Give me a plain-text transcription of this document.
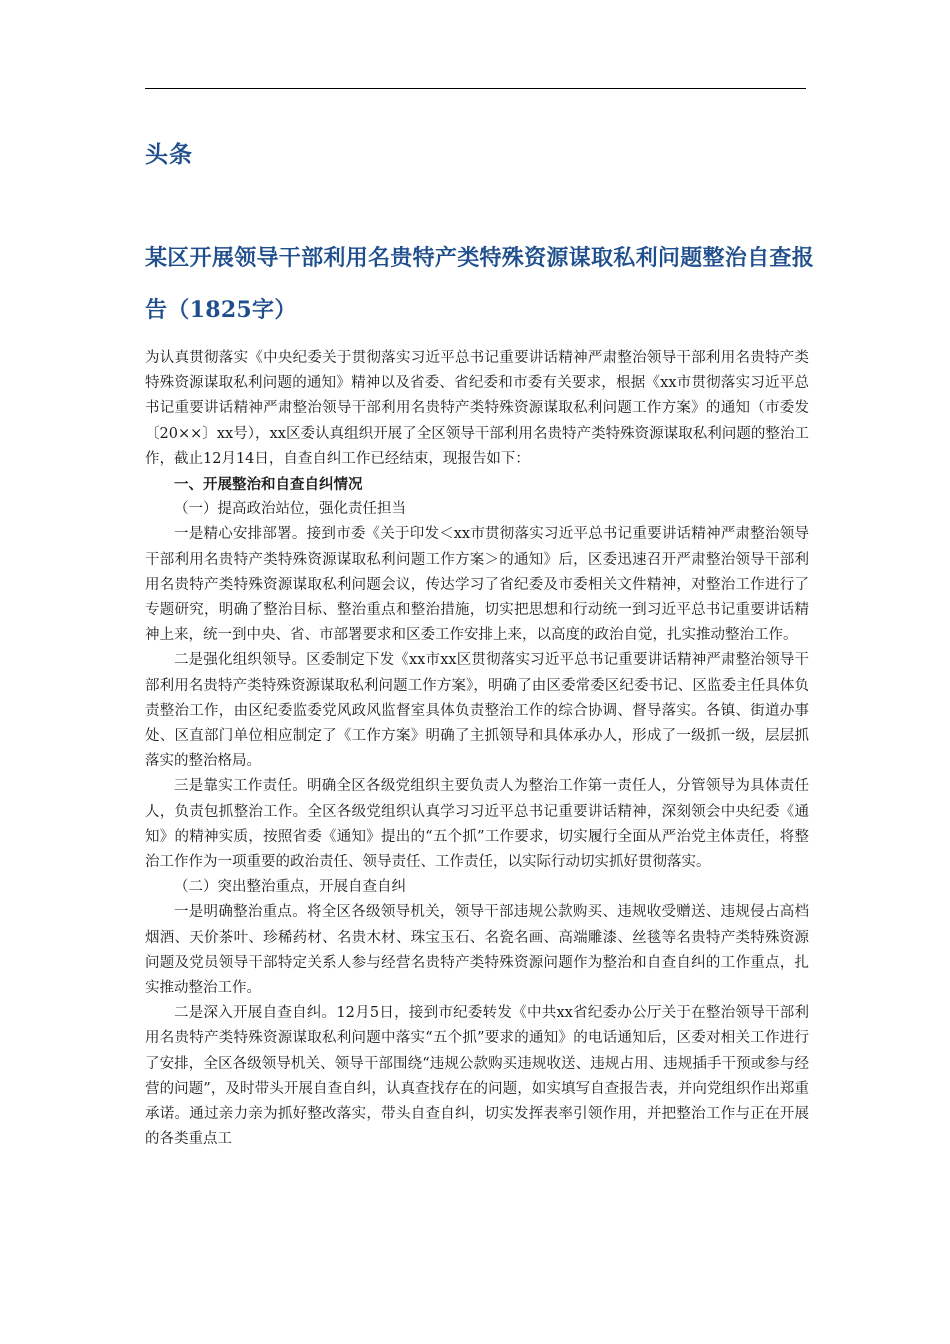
头条
某区开展领导干部利用名贵特产类特殊资源谋取私利问题整治自查报告（1825字）

为认真贯彻落实《中央纪委关于贯彻落实习近平总书记重要讲话精神严肃整治领导干部利用名贵特产类特殊资源谋取私利问题的通知》精神以及省委、省纪委和市委有关要求，根据《xx市贯彻落实习近平总书记重要讲话精神严肃整治领导干部利用名贵特产类特殊资源谋取私利问题工作方案》的通知（市委发〔20××〕xx号），xx区委认真组织开展了全区领导干部利用名贵特产类特殊资源谋取私利问题的整治工作，截止12月14日，自查自纠工作已经结束，现报告如下：

一、开展整治和自查自纠情况

（一）提高政治站位，强化责任担当

一是精心安排部署。接到市委《关于印发＜xx市贯彻落实习近平总书记重要讲话精神严肃整治领导干部利用名贵特产类特殊资源谋取私利问题工作方案＞的通知》后，区委迅速召开严肃整治领导干部利用名贵特产类特殊资源谋取私利问题会议，传达学习了省纪委及市委相关文件精神，对整治工作进行了专题研究，明确了整治目标、整治重点和整治措施，切实把思想和行动统一到习近平总书记重要讲话精神上来，统一到中央、省、市部署要求和区委工作安排上来，以高度的政治自觉，扎实推动整治工作。

二是强化组织领导。区委制定下发《xx市xx区贯彻落实习近平总书记重要讲话精神严肃整治领导干部利用名贵特产类特殊资源谋取私利问题工作方案》，明确了由区委常委区纪委书记、区监委主任具体负责整治工作，由区纪委监委党风政风监督室具体负责整治工作的综合协调、督导落实。各镇、街道办事处、区直部门单位相应制定了《工作方案》明确了主抓领导和具体承办人，形成了一级抓一级，层层抓落实的整治格局。

三是靠实工作责任。明确全区各级党组织主要负责人为整治工作第一责任人，分管领导为具体责任人，负责包抓整治工作。全区各级党组织认真学习习近平总书记重要讲话精神，深刻领会中央纪委《通知》的精神实质，按照省委《通知》提出的“五个抓”工作要求，切实履行全面从严治党主体责任，将整治工作作为一项重要的政治责任、领导责任、工作责任，以实际行动切实抓好贯彻落实。

（二）突出整治重点，开展自查自纠

一是明确整治重点。将全区各级领导机关，领导干部违规公款购买、违规收受赠送、违规侵占高档烟酒、天价茶叶、珍稀药材、名贵木材、珠宝玉石、名瓷名画、高端雕漆、丝毯等名贵特产类特殊资源问题及党员领导干部特定关系人参与经营名贵特产类特殊资源问题作为整治和自查自纠的工作重点，扎实推动整治工作。

二是深入开展自查自纠。12月5日，接到市纪委转发《中共xx省纪委办公厅关于在整治领导干部利用名贵特产类特殊资源谋取私利问题中落实“五个抓”要求的通知》的电话通知后，区委对相关工作进行了安排，全区各级领导机关、领导干部围绕“违规公款购买违规收送、违规占用、违规插手干预或参与经营的问题”，及时带头开展自查自纠，认真查找存在的问题，如实填写自查报告表，并向党组织作出郑重承诺。通过亲力亲为抓好整改落实，带头自查自纠，切实发挥表率引领作用，并把整治工作与正在开展的各类重点工
